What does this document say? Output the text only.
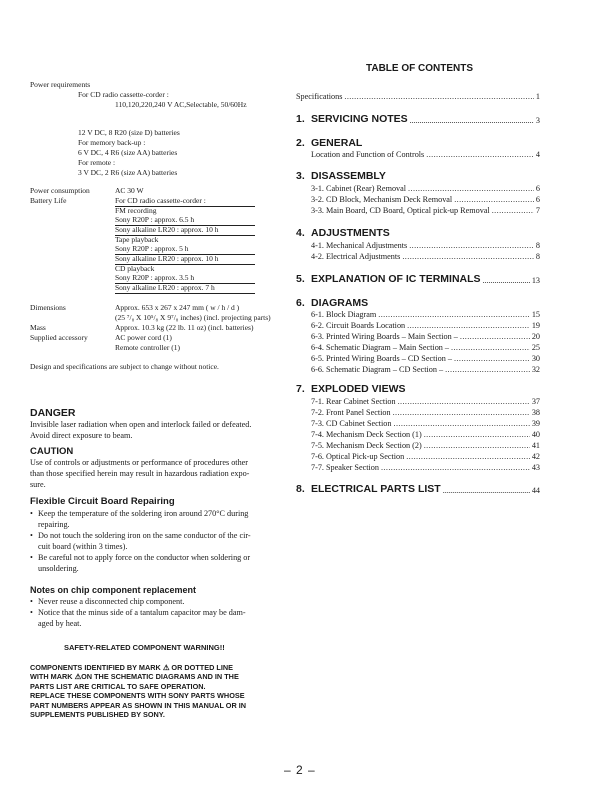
Power requirements
For CD radio cassette-corder :
110,120,220,240 V AC,Selectable, 50/60Hz
12 V DC, 8 R20 (size D) batteries
For memory back-up :
6 V DC, 4 R6 (size AA) batteries
For remote :
3 V DC, 2 R6 (size AA) batteries
Power consumption	AC 30 W
Battery Life	For CD radio cassette-corder :
FM recording
Sony R20P : approx. 6.5 h
Sony alkaline LR20 : approx. 10 h
Tape playback
Sony R20P : approx. 5 h
Sony alkaline LR20 : approx. 10 h
CD playback
Sony R20P : approx. 3.5 h
Sony alkaline LR20 : approx. 7 h
Dimensions	Approx. 653 x 267 x 247 mm ( w / h / d )
(25 ⁷/₈ X 10⁵/₈ X 9⁷/₈ inches) (incl. projecting parts)
Mass	Approx. 10.3 kg (22 lb. 11 oz) (incl. batteries)
Supplied accessory	AC power cord (1)
Remote controller (1)
Design and specifications are subject to change without notice.
DANGER
Invisible laser radiation when open and interlock failed or defeated.
Avoid direct exposure to beam.
CAUTION
Use of controls or adjustments or performance of procedures other
than those specified herein may result in hazardous radiation expo-
sure.
Flexible Circuit Board Repairing
• Keep the temperature of the soldering iron around 270°C during
repairing.
• Do not touch the soldering iron on the same conductor of the cir-
cuit board (within 3 times).
• Be careful not to apply force on the conductor when soldering or
unsoldering.
Notes on chip component replacement
• Never reuse a disconnected chip component.
• Notice that the minus side of a tantalum capacitor may be dam-
aged by heat.
SAFETY-RELATED COMPONENT WARNING!!
COMPONENTS IDENTIFIED BY MARK ⚠ OR DOTTED LINE
WITH MARK ⚠ON THE SCHEMATIC DIAGRAMS AND IN THE
PARTS LIST ARE CRITICAL TO SAFE OPERATION.
REPLACE THESE COMPONENTS WITH SONY PARTS WHOSE
PART NUMBERS APPEAR AS SHOWN IN THIS MANUAL OR IN
SUPPLEMENTS PUBLISHED BY SONY.
TABLE OF CONTENTS
Specifications .....	1
1. SERVICING NOTES .....	3
2. GENERAL
Location and Function of Controls .....	4
3. DISASSEMBLY
3-1. Cabinet (Rear) Removal .....	6
3-2. CD Block, Mechanism Deck Removal .....	6
3-3. Main Board, CD Board, Optical pick-up Removal .....	7
4. ADJUSTMENTS
4-1. Mechanical Adjustments .....	8
4-2. Electrical Adjustments .....	8
5. EXPLANATION OF IC TERMINALS .....	13
6. DIAGRAMS
6-1. Block Diagram .....	15
6-2. Circuit Boards Location .....	19
6-3. Printed Wiring Boards – Main Section – .....	20
6-4. Schematic Diagram – Main Section – .....	25
6-5. Printed Wiring Boards – CD Section – .....	30
6-6. Schematic Diagram – CD Section – .....	32
7. EXPLODED VIEWS
7-1. Rear Cabinet Section .....	37
7-2. Front Panel Section .....	38
7-3. CD Cabinet Section .....	39
7-4. Mechanism Deck Section (1) .....	40
7-5. Mechanism Deck Section (2) .....	41
7-6. Optical Pick-up Section .....	42
7-7. Speaker Section .....	43
8. ELECTRICAL PARTS LIST .....	44
– 2 –
